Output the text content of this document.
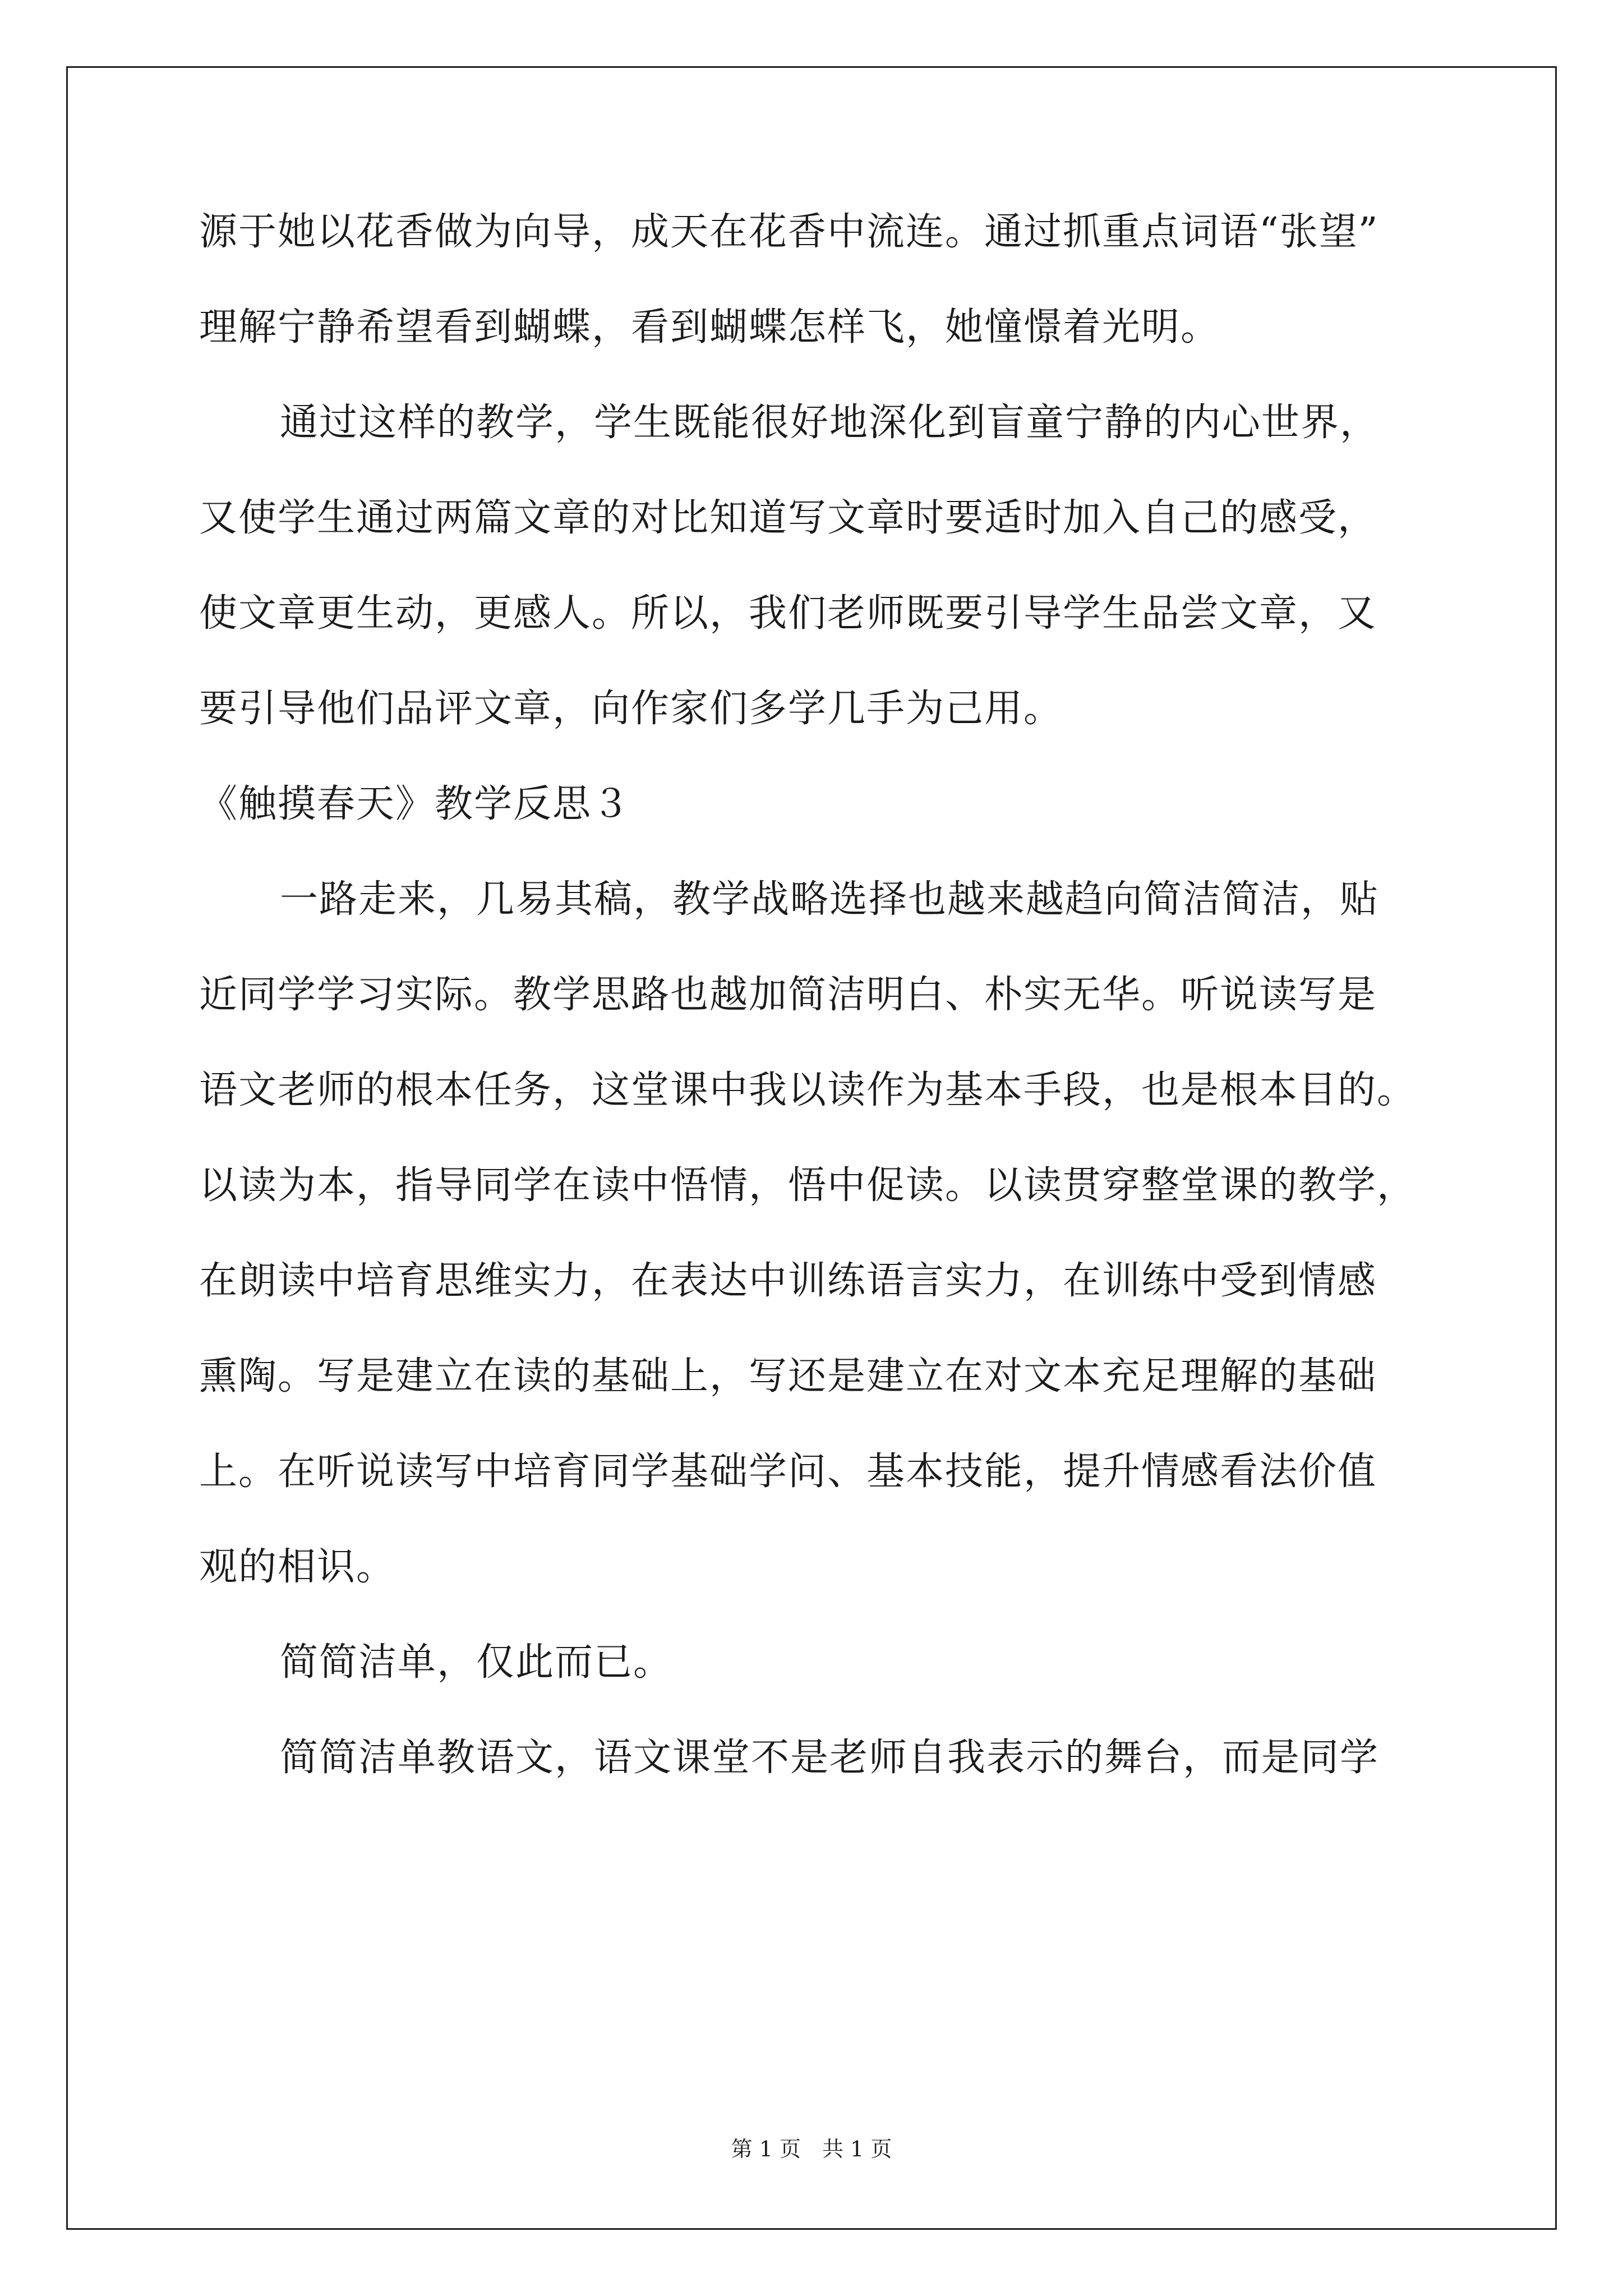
源于她以花香做为向导，成天在花香中流连。通过抓重点词语“张望”
理解宁静希望看到蝴蝶，看到蝴蝶怎样飞，她憧憬着光明。
通过这样的教学，学生既能很好地深化到盲童宁静的内心世界，
又使学生通过两篇文章的对比知道写文章时要适时加入自己的感受，
使文章更生动，更感人。所以，我们老师既要引导学生品尝文章，又
要引导他们品评文章，向作家们多学几手为己用。
《触摸春天》教学反思３
一路走来，几易其稿，教学战略选择也越来越趋向简洁简洁，贴
近同学学习实际。教学思路也越加简洁明白、朴实无华。听说读写是
语文老师的根本任务，这堂课中我以读作为基本手段，也是根本目的。
以读为本，指导同学在读中悟情，悟中促读。以读贯穿整堂课的教学，
在朗读中培育思维实力，在表达中训练语言实力，在训练中受到情感
熏陶。写是建立在读的基础上，写还是建立在对文本充足理解的基础
上。在听说读写中培育同学基础学问、基本技能，提升情感看法价值
观的相识。
简简洁单，仅此而已。
简简洁单教语文，语文课堂不是老师自我表示的舞台，而是同学
第 1 页　共 1 页
